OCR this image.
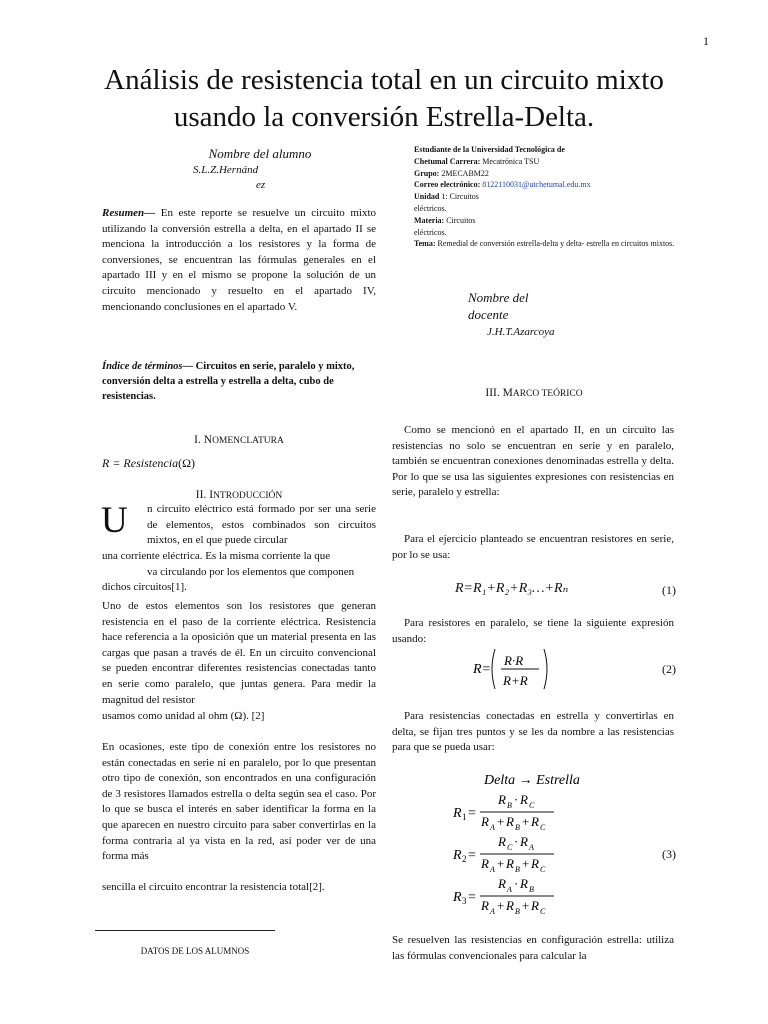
1
Análisis de resistencia total en un circuito mixto usando la conversión Estrella-Delta.
Nombre del alumno
S.L.Z.Hernánd
ez
Resumen— En este reporte se resuelve un circuito mixto utilizando la conversión estrella a delta, en el apartado II se menciona la introducción a los resistores y la forma de conversiones, se encuentran las fórmulas generales en el apartado III y en el mismo se propone la solución de un circuito mencionado y resuelto en el apartado IV, mencionando conclusiones en el apartado V.
Índice de términos— Circuitos en serie, paralelo y mixto, conversión delta a estrella y estrella a delta, cubo de resistencias.
I. NOMENCLATURA
R = Resistencia(Ω)
II. INTRODUCCIÓN
U n circuito eléctrico está formado por ser una serie de elementos, estos combinados son circuitos mixtos, en el que puede circular
una corriente eléctrica. Es la misma corriente la que
va circulando por los elementos que componen
dichos circuitos[1].
Uno de estos elementos son los resistores que generan resistencia en el paso de la corriente eléctrica. Resistencia hace referencia a la oposición que un material presenta en las cargas que pasan a través de él. En un circuito convencional se pueden encontrar diferentes resistencias conectadas tanto en serie como paralelo, que juntas genera. Para medir la magnitud del resistor
usamos como unidad al ohm (Ω). [2]
En ocasiones, este tipo de conexión entre los resistores no están conectadas en serie ni en paralelo, por lo que presentan otro tipo de conexión, son encontrados en una configuración de 3 resistores llamados estrella o delta según sea el caso. Por lo que se busca el interés en saber identificar la forma en la que aparecen en nuestro circuito para saber convertirlas en la forma contraria al ya vista en la red, así poder ver de una forma más
sencilla el circuito encontrar la resistencia total[2].
DATOS DE LOS ALUMNOS
Estudiante de la Universidad Tecnológica de
Chetumal Carrera: Mecatrónica TSU
Grupo: 2MECABM22
Correo electrónico: 8122110031@utchetumal.edu.mx
Unidad 1: Circuitos
eléctricos.
Materia: Circuitos
eléctricos.
Tema: Remedial de conversión estrella-delta y delta- estrella en circuitos mixtos.
Nombre del docente
J.H.T.Azarcoya
III. MARCO TEÓRICO
Como se mencionó en el apartado II, en un circuito las resistencias no solo se encuentran en serie y en paralelo, también se encuentran conexiones denominadas estrella y delta. Por lo que se usa las siguientes expresiones con resistencias en serie, paralelo y estrella:
Para el ejercicio planteado se encuentran resistores en serie, por lo se usa:
R=R₁+R₂+R₃…+Rₙ	(1)
Para resistores en paralelo, se tiene la siguiente expresión usando:
R=
R·R
R+R
(2)
Para resistencias conectadas en estrella y convertirlas en delta, se fijan tres puntos y se les da nombre a las resistencias para que se pueda usar:
Delta → Estrella
R 1 =
R B · R C
R A + R B + R C
R 2 =
R C · R A
R A + R B + R C
R 3 =
R A · R B
R A + R B + R C
(3)
Se resuelven las resistencias en configuración estrella: utiliza las fórmulas convencionales para calcular la
